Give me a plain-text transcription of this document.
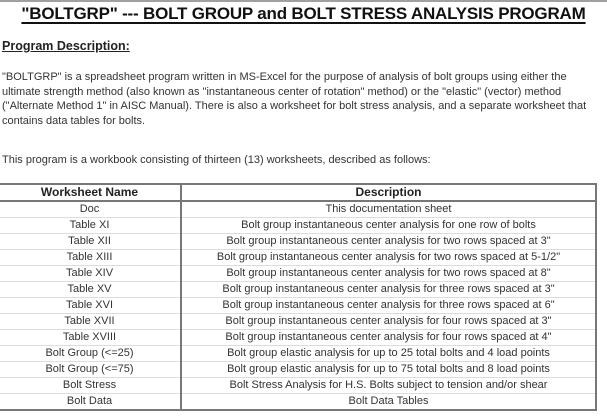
"BOLTGRP" --- BOLT GROUP and BOLT STRESS ANALYSIS PROGRAM
Program Description:
"BOLTGRP" is a spreadsheet program written in MS-Excel for the purpose of analysis of bolt groups using either the ultimate strength method (also known as "instantaneous center of rotation" method) or the "elastic" (vector) method ("Alternate Method 1" in AISC Manual). There is also a worksheet for bolt stress analysis, and a separate worksheet that contains data tables for bolts.
This program is a workbook consisting of thirteen (13) worksheets, described as follows:
Worksheet Name	Description
Doc	This documentation sheet
Table XI	Bolt group instantaneous center analysis for one row of bolts
Table XII	Bolt group instantaneous center analysis for two rows spaced at 3"
Table XIII	Bolt group instantaneous center analysis for two rows spaced at 5-1/2"
Table XIV	Bolt group instantaneous center analysis for two rows spaced at 8"
Table XV	Bolt group instantaneous center analysis for three rows spaced at 3"
Table XVI	Bolt group instantaneous center analysis for three rows spaced at 6"
Table XVII	Bolt group instantaneous center analysis for four rows spaced at 3"
Table XVIII	Bolt group instantaneous center analysis for four rows spaced at 4"
Bolt Group (<=25)	Bolt group elastic analysis for up to 25 total bolts and 4 load points
Bolt Group (<=75)	Bolt group elastic analysis for up to 75 total bolts and 8 load points
Bolt Stress	Bolt Stress Analysis for H.S. Bolts subject to tension and/or shear
Bolt Data	Bolt Data Tables
